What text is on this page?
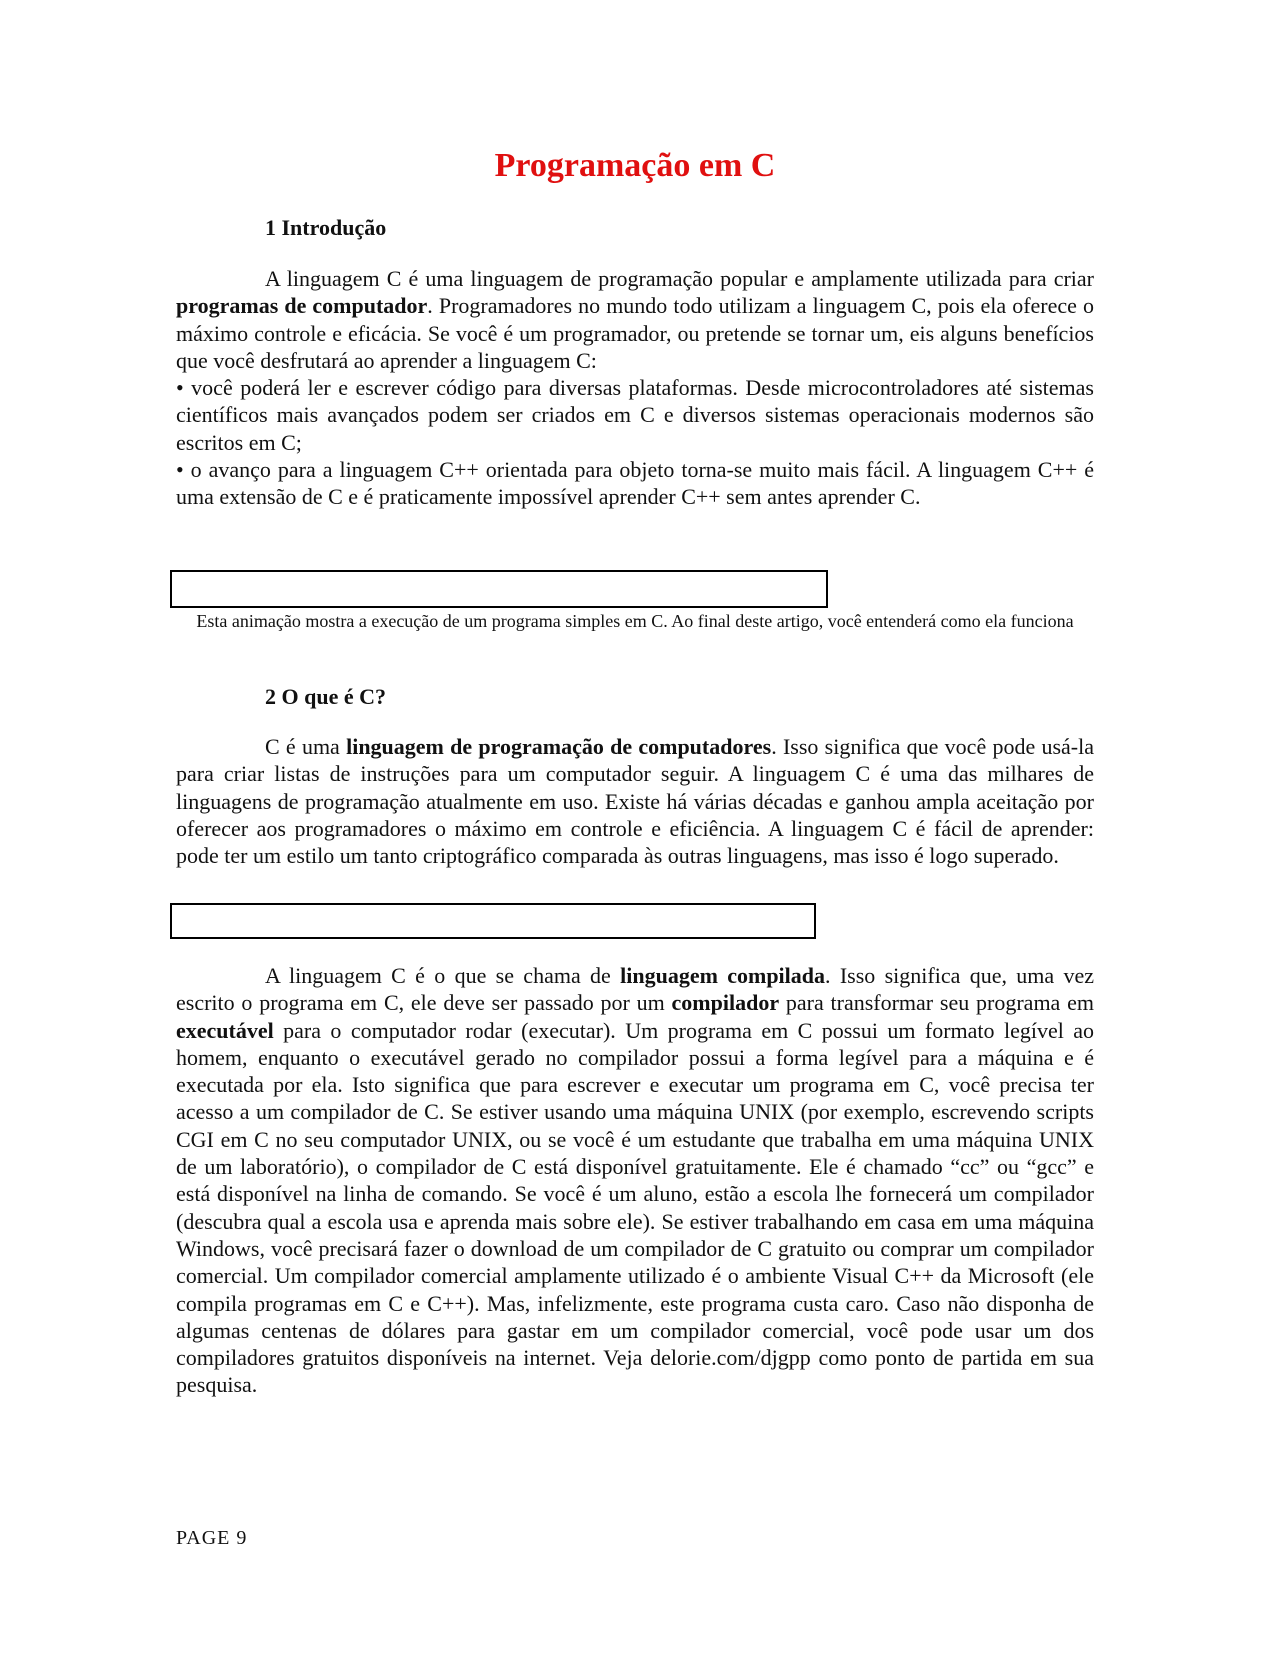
Programação em C
1 Introdução

A linguagem C é uma linguagem de programação popular e amplamente utilizada para criar programas de computador. Programadores no mundo todo utilizam a linguagem C, pois ela oferece o máximo controle e eficácia. Se você é um programador, ou pretende se tornar um, eis alguns benefícios que você desfrutará ao aprender a linguagem C:

• você poderá ler e escrever código para diversas plataformas. Desde microcontroladores até sistemas científicos mais avançados podem ser criados em C e diversos sistemas operacionais modernos são escritos em C;
• o avanço para a linguagem C++ orientada para objeto torna-se muito mais fácil. A linguagem C++ é uma extensão de C e é praticamente impossível aprender C++ sem antes aprender C.
Esta animação mostra a execução de um programa simples em C. Ao final deste artigo, você entenderá como ela funciona
2 O que é C?

C é uma linguagem de programação de computadores. Isso significa que você pode usá-la para criar listas de instruções para um computador seguir. A linguagem C é uma das milhares de linguagens de programação atualmente em uso. Existe há várias décadas e ganhou ampla aceitação por oferecer aos programadores o máximo em controle e eficiência. A linguagem C é fácil de aprender: pode ter um estilo um tanto criptográfico comparada às outras linguagens, mas isso é logo superado.

A linguagem C é o que se chama de linguagem compilada. Isso significa que, uma vez escrito o programa em C, ele deve ser passado por um compilador para transformar seu programa em executável para o computador rodar (executar). Um programa em C possui um formato legível ao homem, enquanto o executável gerado no compilador possui a forma legível para a máquina e é executada por ela. Isto significa que para escrever e executar um programa em C, você precisa ter acesso a um compilador de C. Se estiver usando uma máquina UNIX (por exemplo, escrevendo scripts CGI em C no seu computador UNIX, ou se você é um estudante que trabalha em uma máquina UNIX de um laboratório), o compilador de C está disponível gratuitamente. Ele é chamado “cc” ou “gcc” e está disponível na linha de comando. Se você é um aluno, estão a escola lhe fornecerá um compilador (descubra qual a escola usa e aprenda mais sobre ele). Se estiver trabalhando em casa em uma máquina Windows, você precisará fazer o download de um compilador de C gratuito ou comprar um compilador comercial. Um compilador comercial amplamente utilizado é o ambiente Visual C++ da Microsoft (ele compila programas em C e C++). Mas, infelizmente, este programa custa caro. Caso não disponha de algumas centenas de dólares para gastar em um compilador comercial, você pode usar um dos compiladores gratuitos disponíveis na internet. Veja delorie.com/djgpp como ponto de partida em sua pesquisa.

PAGE 9
